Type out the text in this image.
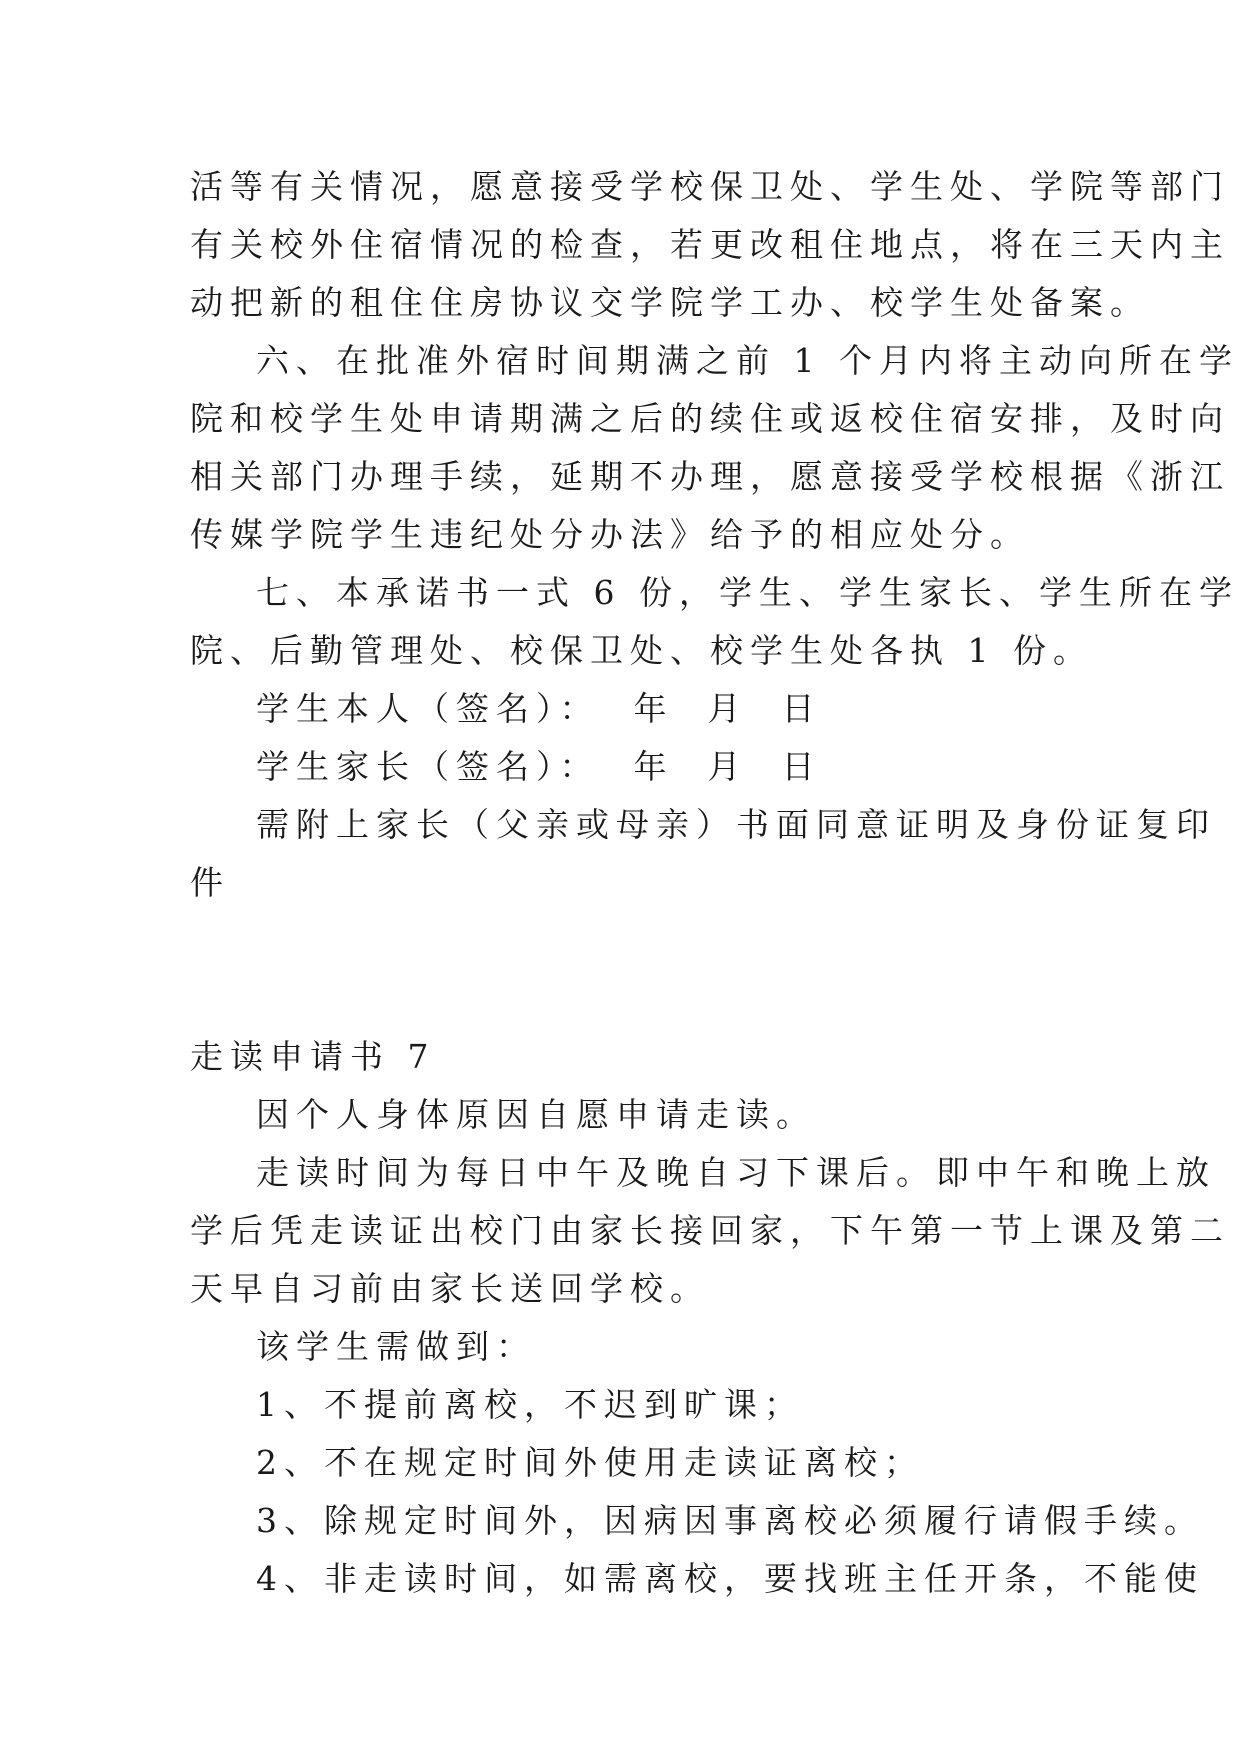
活等有关情况，愿意接受学校保卫处、学生处、学院等部门
有关校外住宿情况的检查，若更改租住地点，将在三天内主
动把新的租住住房协议交学院学工办、校学生处备案。
六、在批准外宿时间期满之前 1 个月内将主动向所在学
院和校学生处申请期满之后的续住或返校住宿安排，及时向
相关部门办理手续，延期不办理，愿意接受学校根据《浙江
传媒学院学生违纪处分办法》给予的相应处分。
七、本承诺书一式 6 份，学生、学生家长、学生所在学
院、后勤管理处、校保卫处、校学生处各执 1 份。
学生本人（签名）： 年 月 日
学生家长（签名）： 年 月 日
需附上家长（父亲或母亲）书面同意证明及身份证复印
件
走读申请书 7
因个人身体原因自愿申请走读。
走读时间为每日中午及晚自习下课后。即中午和晚上放
学后凭走读证出校门由家长接回家，下午第一节上课及第二
天早自习前由家长送回学校。
该学生需做到：
1、不提前离校，不迟到旷课；
2、不在规定时间外使用走读证离校；
3、除规定时间外，因病因事离校必须履行请假手续。
4、非走读时间，如需离校，要找班主任开条，不能使
